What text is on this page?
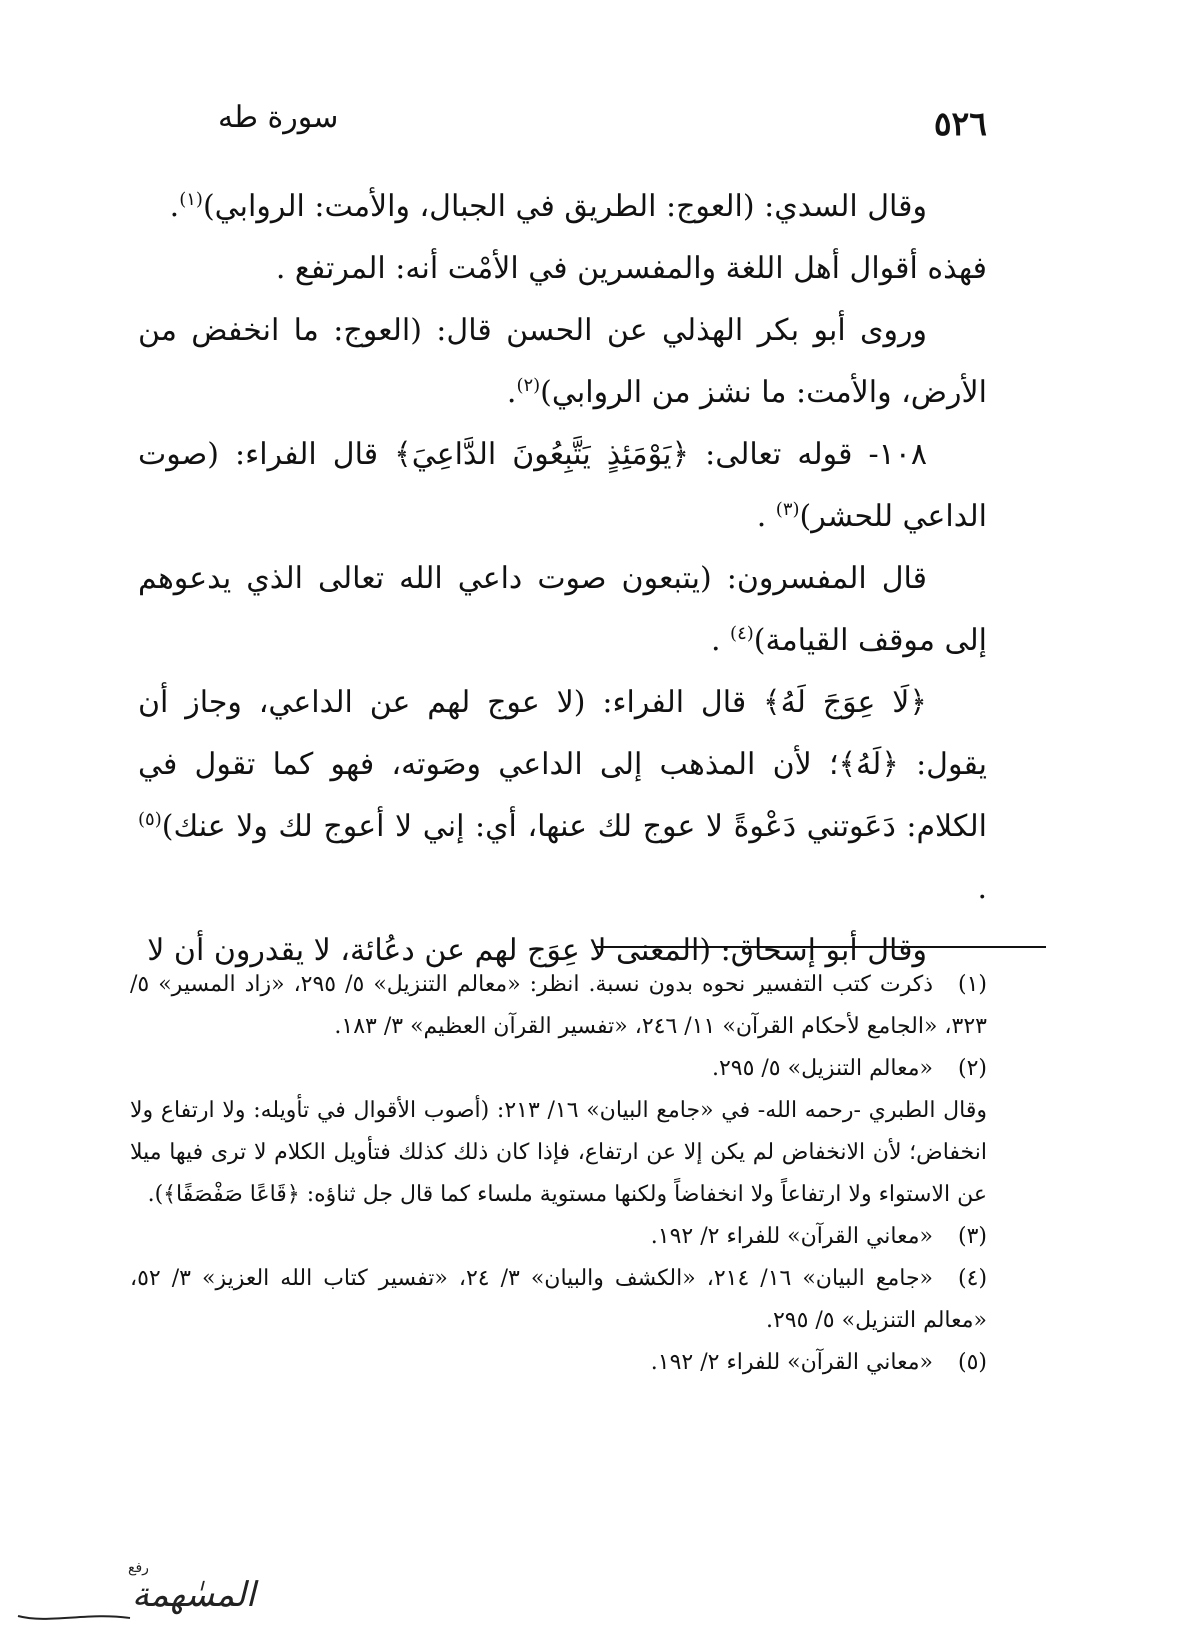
٥٢٦
سورة طه

وقال السدي: (العوج: الطريق في الجبال، والأمت: الروابي)$^{(١)}$.

فهذه أقوال أهل اللغة والمفسرين في الأمْت أنه: المرتفع .

وروى أبو بكر الهذلي عن الحسن قال: (العوج: ما انخفض من الأرض، والأمت: ما نشز من الروابي)$^{(٢)}$.

١٠٨- قوله تعالى: ﴿يَوْمَئِذٍ يَتَّبِعُونَ الدَّاعِيَ﴾ قال الفراء: (صوت الداعي للحشر)$^{(٣)}$ .

قال المفسرون: (يتبعون صوت داعي الله تعالى الذي يدعوهم إلى موقف القيامة)$^{(٤)}$ .

﴿لَا عِوَجَ لَهُ﴾ قال الفراء: (لا عوج لهم عن الداعي، وجاز أن يقول: ﴿لَهُ﴾؛ لأن المذهب إلى الداعي وصَوته، فهو كما تقول في الكلام: دَعَوتني دَعْوةً لا عوج لك عنها، أي: إني لا أعوج لك ولا عنك)$^{(٥)}$ .

وقال أبو إسحاق: (المعنى لا عِوَج لهم عن دعُائة، لا يقدرون أن لا

(١)ذكرت كتب التفسير نحوه بدون نسبة. انظر: «معالم التنزيل» ٥/ ٢٩٥، «زاد المسير» ٥/ ٣٢٣، «الجامع لأحكام القرآن» ١١/ ٢٤٦، «تفسير القرآن العظيم» ٣/ ١٨٣.

(٢)«معالم التنزيل» ٥/ ٢٩٥.

وقال الطبري -رحمه الله- في «جامع البيان» ١٦/ ٢١٣: (أصوب الأقوال في تأويله: ولا ارتفاع ولا انخفاض؛ لأن الانخفاض لم يكن إلا عن ارتفاع، فإذا كان ذلك كذلك فتأويل الكلام لا ترى فيها ميلا عن الاستواء ولا ارتفاعاً ولا انخفاضاً ولكنها مستوية ملساء كما قال جل ثناؤه: ﴿قَاعًا صَفْصَفًا﴾).

(٣)«معاني القرآن» للفراء ٢/ ١٩٢.

(٤)«جامع البيان» ١٦/ ٢١٤، «الكشف والبيان» ٣/ ٢٤، «تفسير كتاب الله العزيز» ٣/ ٥٢، «معالم التنزيل» ٥/ ٢٩٥.

(٥)«معاني القرآن» للفراء ٢/ ١٩٢.

رفع
المسٰهمة
